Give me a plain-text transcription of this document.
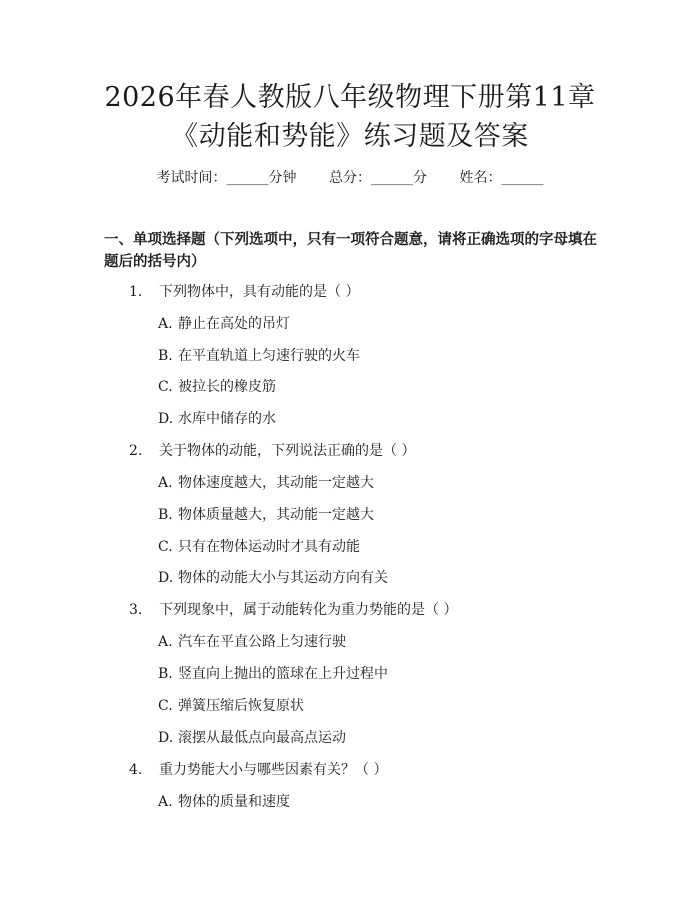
2026年春人教版八年级物理下册第11章
《动能和势能》练习题及答案
考试时间：______分钟 总分：______分 姓名：______
一、单项选择题（下列选项中，只有一项符合题意，请将正确选项的字母填在题后的括号内）
1. 下列物体中，具有动能的是（ ）
A. 静止在高处的吊灯
B. 在平直轨道上匀速行驶的火车
C. 被拉长的橡皮筋
D. 水库中储存的水
2. 关于物体的动能，下列说法正确的是（ ）
A. 物体速度越大，其动能一定越大
B. 物体质量越大，其动能一定越大
C. 只有在物体运动时才具有动能
D. 物体的动能大小与其运动方向有关
3. 下列现象中，属于动能转化为重力势能的是（ ）
A. 汽车在平直公路上匀速行驶
B. 竖直向上抛出的篮球在上升过程中
C. 弹簧压缩后恢复原状
D. 滚摆从最低点向最高点运动
4. 重力势能大小与哪些因素有关？（ ）
A. 物体的质量和速度
